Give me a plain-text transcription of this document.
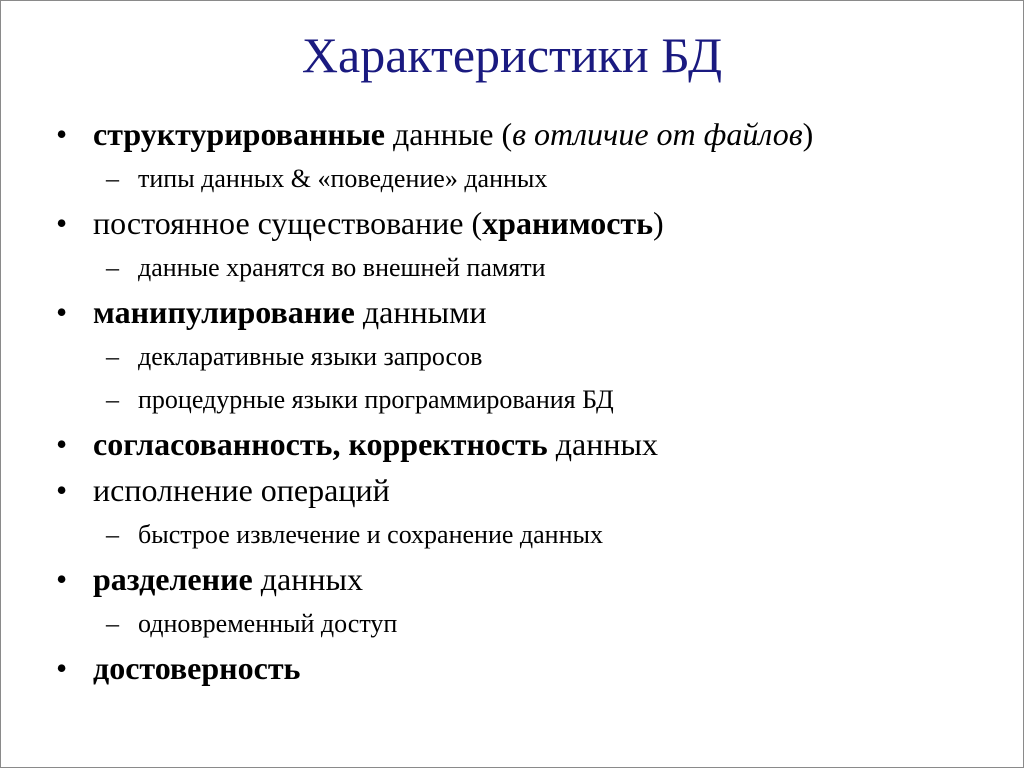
Характеристики БД
• структурированные данные (в отличие от файлов)
– типы данных & «поведение» данных
• постоянное существование (хранимость)
– данные хранятся во внешней памяти
• манипулирование данными
– декларативные языки запросов
– процедурные языки программирования БД
• согласованность, корректность данных
• исполнение операций
– быстрое извлечение и сохранение данных
• разделение данных
– одновременный доступ
• достоверность
